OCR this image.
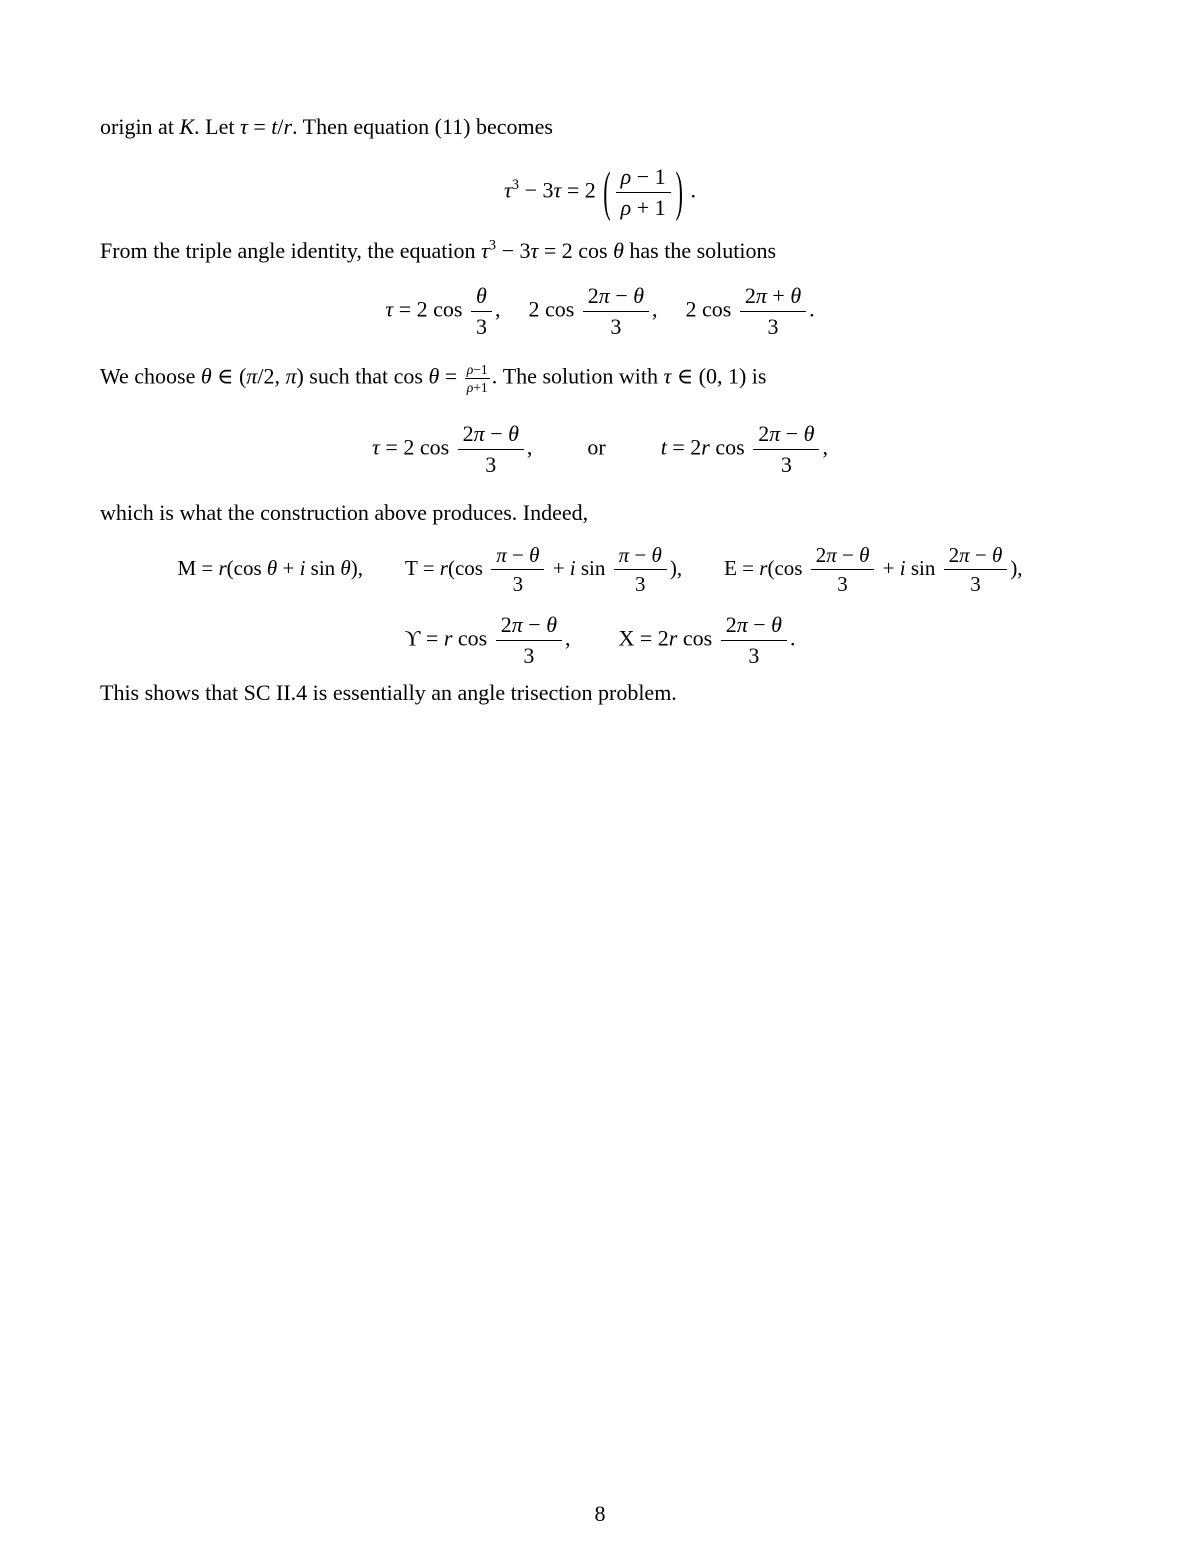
origin at K. Let τ = t/r. Then equation (11) becomes

$\tau^3 - 3\tau = 2$ ( $\frac{\rho - 1}{\rho + 1}$ ) .

From the triple angle identity, the equation $\tau^3 - 3\tau = 2$ cos θ has the solutions

τ = 2 $\cos \frac{\theta}{3}$ , 2 $\cos \frac{2\pi - \theta}{3}$ , 2 $\cos \frac{2\pi + \theta}{3}$ .

We choose θ ∈ (π/2, π) such that $\cos \theta = \frac{\rho-1}{\rho+1}$ . The solution with τ ∈ (0, 1) is

τ = 2 $\cos \frac{2\pi - \theta}{3}$ ,	or	t = 2r $\cos \frac{2\pi - \theta}{3}$ ,

which is what the construction above produces. Indeed,

M = r(cos θ + i sin θ), $T = r(\cos \frac{\pi - \theta}{3} + i$ $\sin \frac{\pi - \theta}{3}$ ), $E = r(\cos \frac{2\pi - \theta}{3} + i$ $\sin \frac{2\pi - \theta}{3}$ ),
ϒ = r $\cos \frac{2\pi - \theta}{3}$ , X = 2r $\cos \frac{2\pi - \theta}{3}$ .

This shows that SC II.4 is essentially an angle trisection problem.

8
